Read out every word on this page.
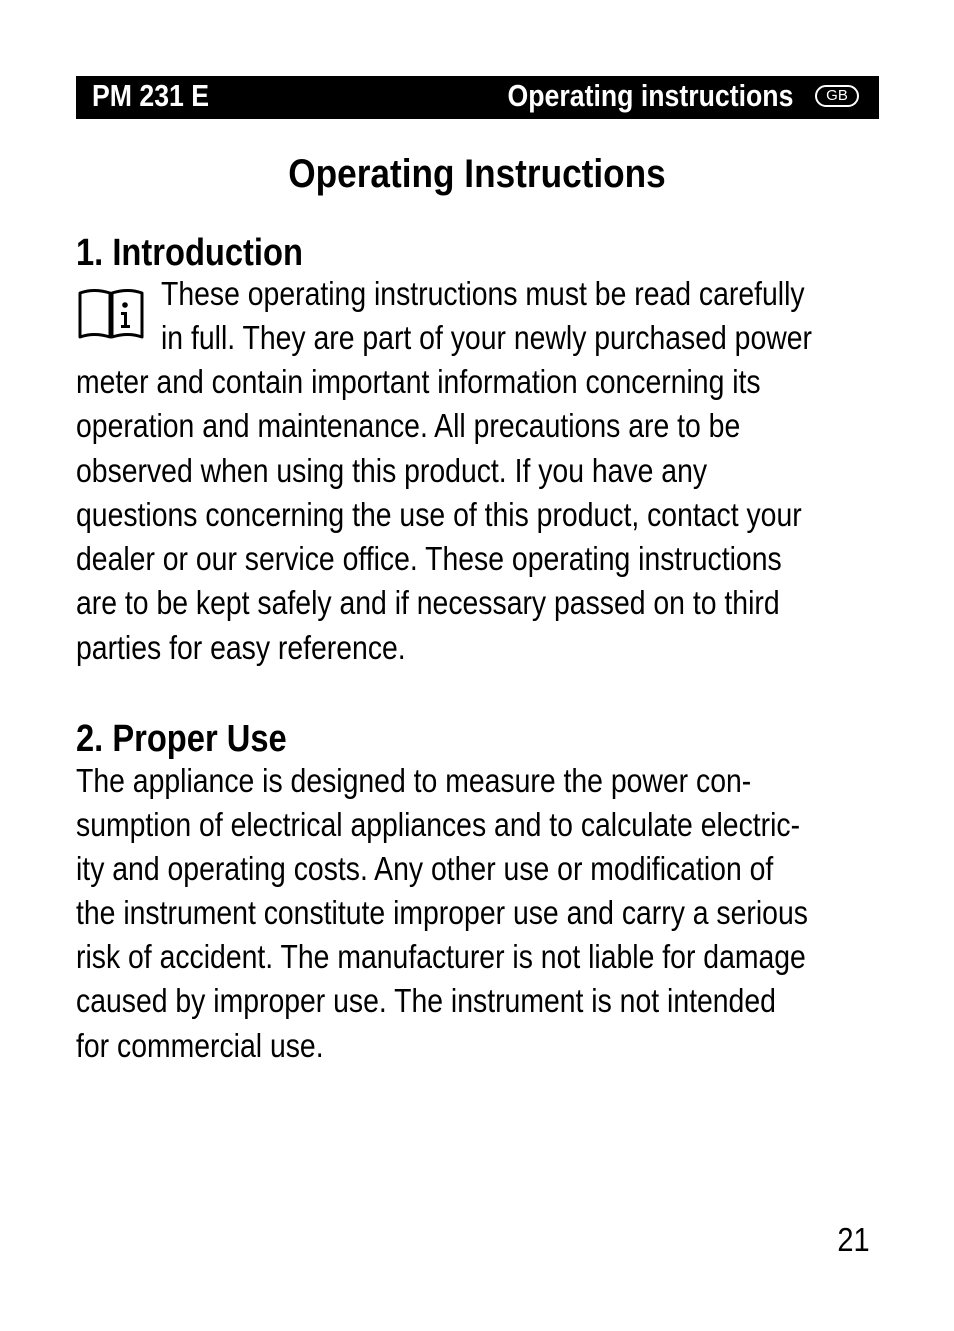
PM 231 E	Operating instructions	GB
Operating Instructions
1. Introduction

These operating instructions must be read carefully

in full. They are part of your newly purchased power

meter and contain important information concerning its

operation and maintenance. All precautions are to be

observed when using this product. If you have any

questions concerning the use of this product, contact your

dealer or our service office. These operating instructions

are to be kept safely and if necessary passed on to third

parties for easy reference.

2. Proper Use

The appliance is designed to measure the power con-

sumption of electrical appliances and to calculate electric-

ity and operating costs. Any other use or modification of

the instrument constitute improper use and carry a serious

risk of accident. The manufacturer is not liable for damage

caused by improper use. The instrument is not intended

for commercial use.

21
